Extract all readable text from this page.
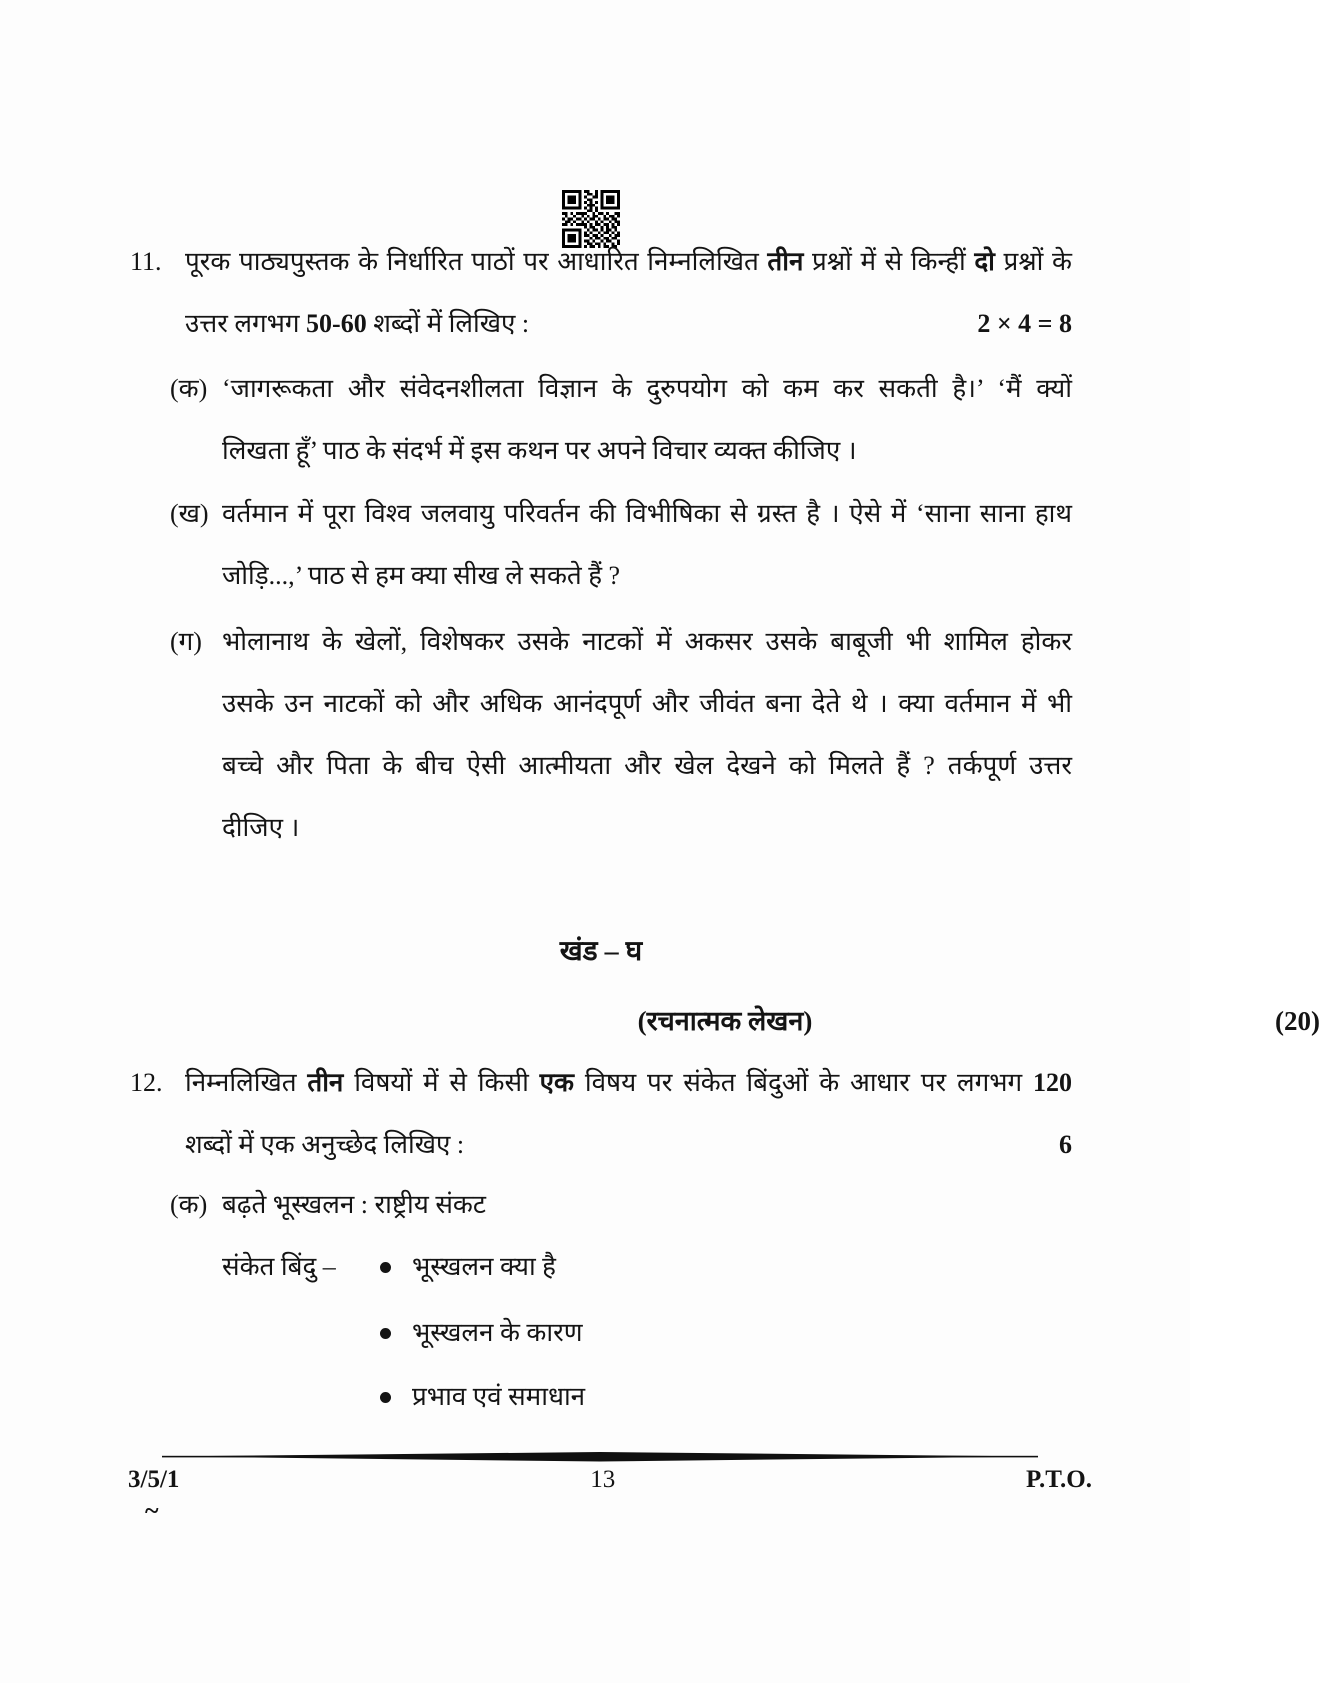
11. पूरक पाठ्यपुस्तक के निर्धारित पाठों पर आधारित निम्नलिखित तीन प्रश्नों में से किन्हीं दो प्रश्नों के
उत्तर लगभग 50-60 शब्दों में लिखिए :	2 × 4 = 8
(क) ‘जागरूकता और संवेदनशीलता विज्ञान के दुरुपयोग को कम कर सकती है।’ ‘मैं क्यों
लिखता हूँ’ पाठ के संदर्भ में इस कथन पर अपने विचार व्यक्त कीजिए ।
(ख) वर्तमान में पूरा विश्व जलवायु परिवर्तन की विभीषिका से ग्रस्त है । ऐसे में ‘साना साना हाथ
जोड़ि...,’ पाठ से हम क्या सीख ले सकते हैं ?
(ग) भोलानाथ के खेलों, विशेषकर उसके नाटकों में अकसर उसके बाबूजी भी शामिल होकर
उसके उन नाटकों को और अधिक आनंदपूर्ण और जीवंत बना देते थे । क्या वर्तमान में भी
बच्चे और पिता के बीच ऐसी आत्मीयता और खेल देखने को मिलते हैं ? तर्कपूर्ण उत्तर
दीजिए ।
खंड – घ
(रचनात्मक लेखन)	(20)
12. निम्नलिखित तीन विषयों में से किसी एक विषय पर संकेत बिंदुओं के आधार पर लगभग 120
शब्दों में एक अनुच्छेद लिखिए :	6
(क) बढ़ते भूस्खलन : राष्ट्रीय संकट
संकेत बिंदु –	भूस्खलन क्या है
भूस्खलन के कारण
प्रभाव एवं समाधान
3/5/1	13	P.T.O.
~
